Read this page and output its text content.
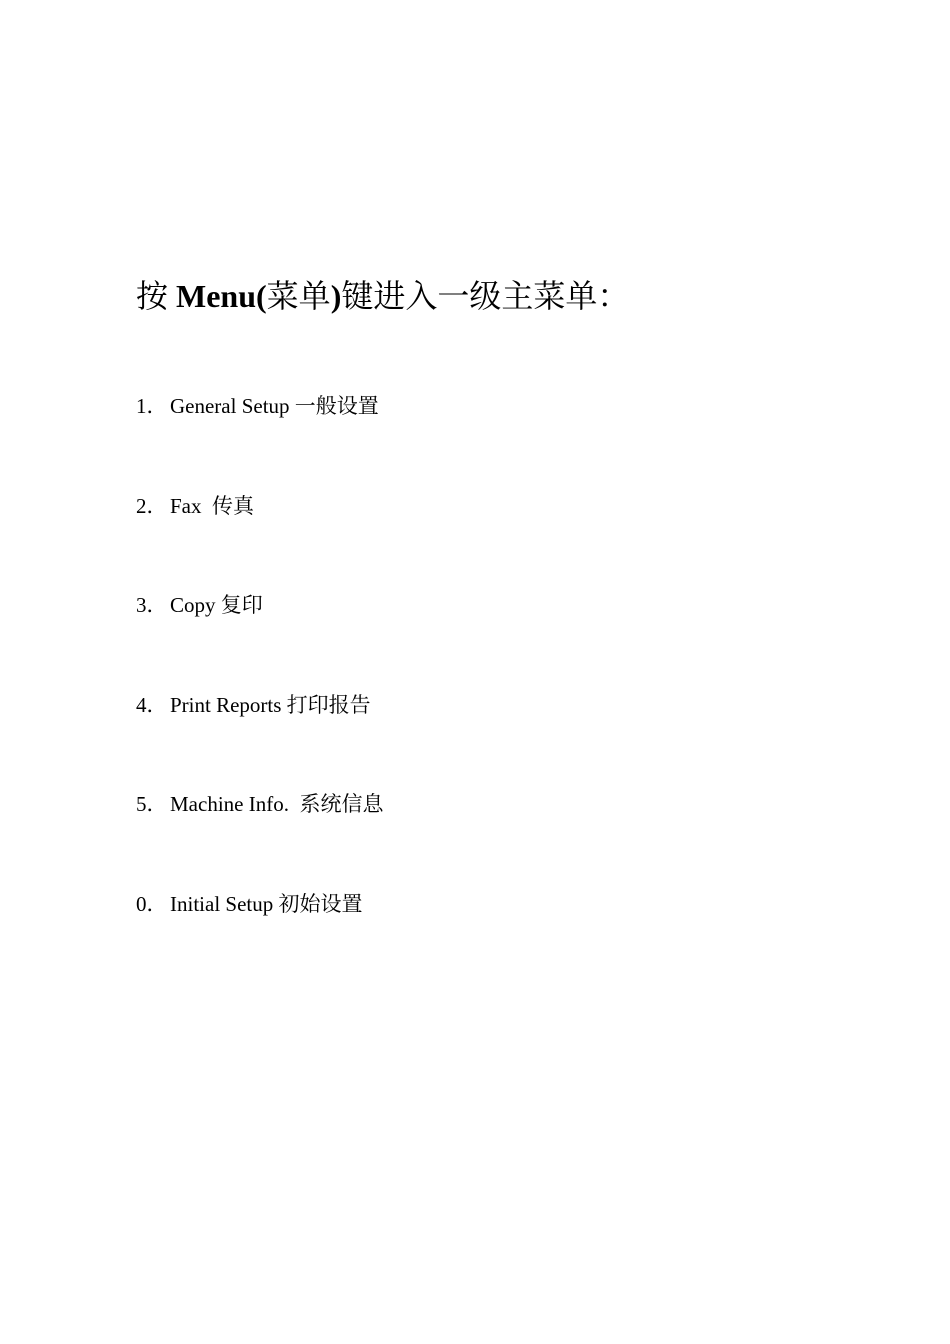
按 Menu(菜单)键进入一级主菜单：
1． General Setup 一般设置
2． Fax  传真
3． Copy 复印
4． Print Reports 打印报告
5． Machine Info.  系统信息
0． Initial Setup 初始设置
